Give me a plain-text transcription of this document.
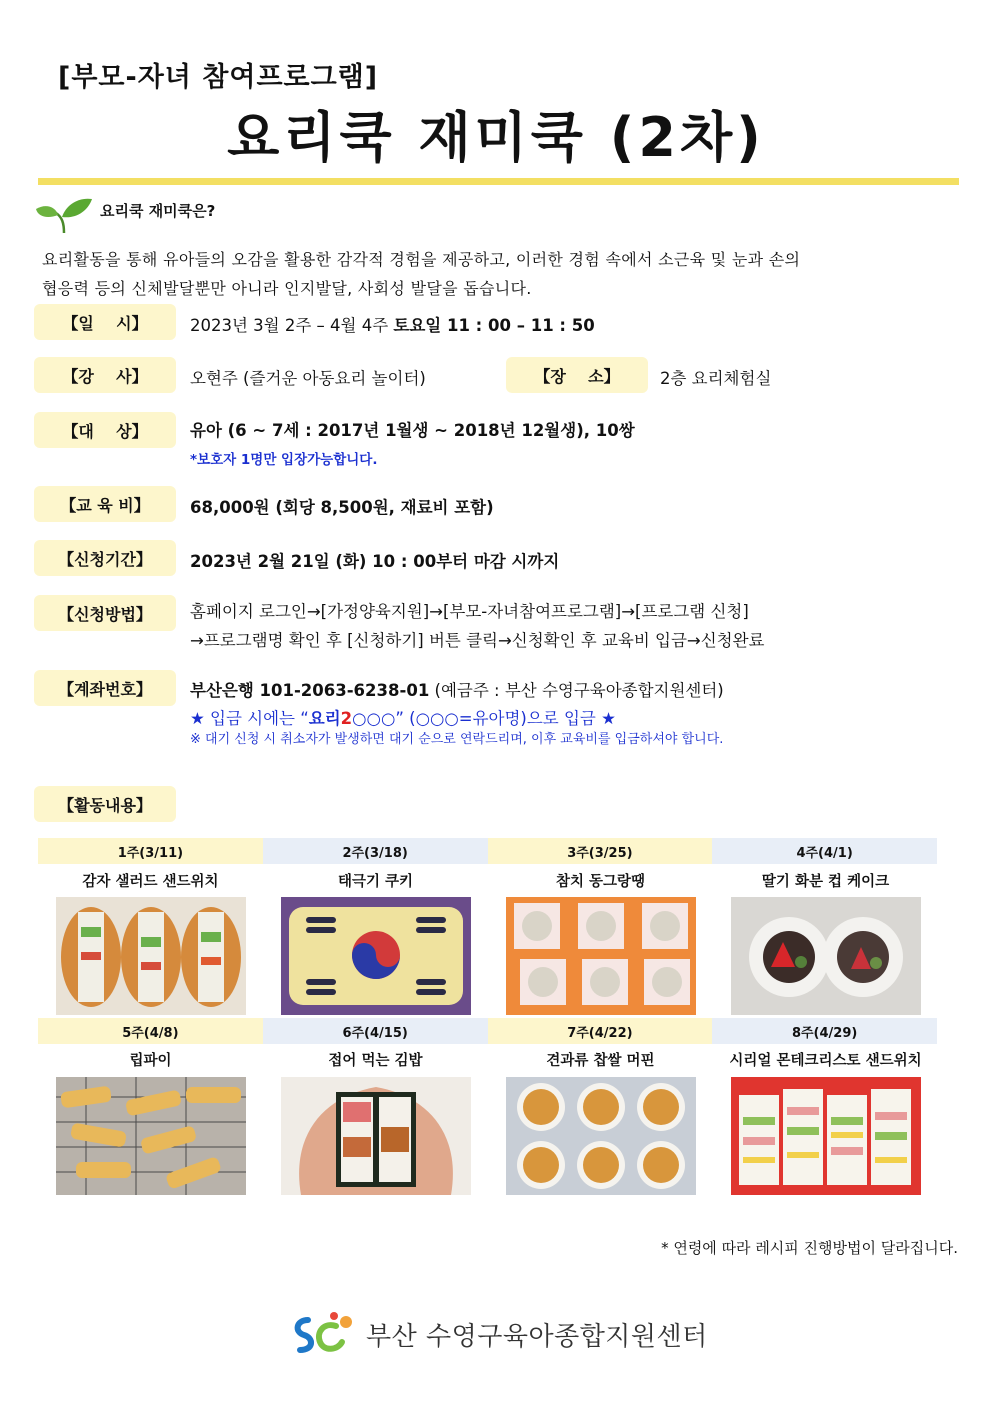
[부모-자녀 참여프로그램]
요리쿡 재미쿡 (2차)
요리쿡 재미쿡은?
요리활동을 통해 유아들의 오감을 활용한 감각적 경험을 제공하고, 이러한 경험 속에서 소근육 및 눈과 손의
협응력 등의 신체발달뿐만 아니라 인지발달, 사회성 발달을 돕습니다.
【일    시】	2023년 3월 2주 – 4월 4주 토요일 11 : 00 – 11 : 50
【강    사】	오현주 (즐거운 아동요리 놀이터)	【장    소】	2층 요리체험실
【대    상】	유아 (6 ~ 7세 : 2017년 1월생 ~ 2018년 12월생), 10쌍
*보호자 1명만 입장가능합니다.
【교 육 비】	68,000원 (회당 8,500원, 재료비 포함)
【신청기간】	2023년 2월 21일 (화) 10 : 00부터 마감 시까지
【신청방법】	홈페이지 로그인→[가정양육지원]→[부모-자녀참여프로그램]→[프로그램 신청]
→프로그램명 확인 후 [신청하기] 버튼 클릭→신청확인 후 교육비 입금→신청완료
【계좌번호】	부산은행 101-2063-6238-01 (예금주 : 부산 수영구육아종합지원센터)
★ 입금 시에는 “요리2○○○” (○○○=유아명)으로 입금 ★
※ 대기 신청 시 취소자가 발생하면 대기 순으로 연락드리며, 이후 교육비를 입금하셔야 합니다.
【활동내용】
1주(3/11)	2주(3/18)	3주(3/25)	4주(4/1)
감자 샐러드 샌드위치	태극기 쿠키	참치 동그랑땡	딸기 화분 컵 케이크
5주(4/8)	6주(4/15)	7주(4/22)	8주(4/29)
립파이	접어 먹는 김밥	견과류 찹쌀 머핀	시리얼 몬테크리스토 샌드위치
* 연령에 따라 레시피 진행방법이 달라집니다.
부산 수영구육아종합지원센터
